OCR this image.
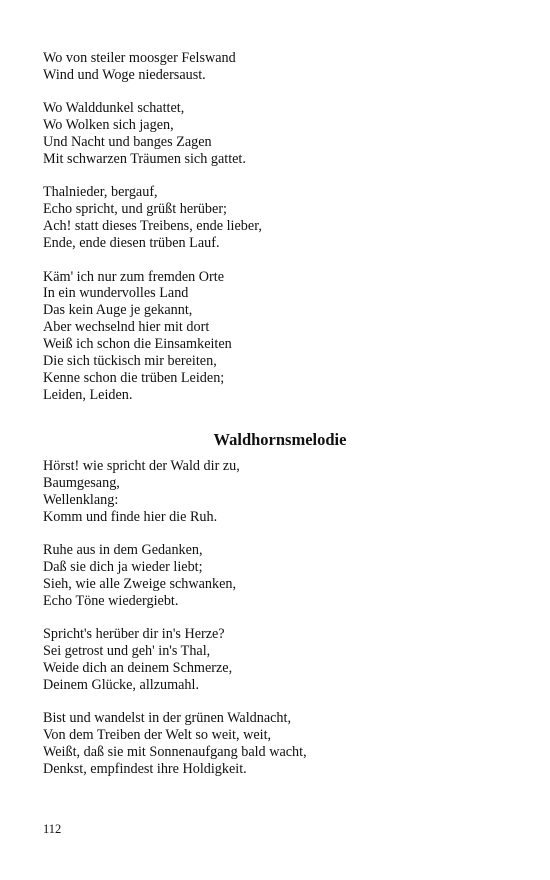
Wo von steiler moosger Felswand
Wind und Woge niedersaust.
Wo Walddunkel schattet,
Wo Wolken sich jagen,
Und Nacht und banges Zagen
Mit schwarzen Träumen sich gattet.
Thalnieder, bergauf,
Echo spricht, und grüßt herüber;
Ach! statt dieses Treibens, ende lieber,
Ende, ende diesen trüben Lauf.
Käm' ich nur zum fremden Orte
In ein wundervolles Land
Das kein Auge je gekannt,
Aber wechselnd hier mit dort
Weiß ich schon die Einsamkeiten
Die sich tückisch mir bereiten,
Kenne schon die trüben Leiden;
Leiden, Leiden.
Waldhornsmelodie
Hörst! wie spricht der Wald dir zu,
Baumgesang,
Wellenklang:
Komm und finde hier die Ruh.
Ruhe aus in dem Gedanken,
Daß sie dich ja wieder liebt;
Sieh, wie alle Zweige schwanken,
Echo Töne wiedergiebt.
Spricht's herüber dir in's Herze?
Sei getrost und geh' in's Thal,
Weide dich an deinem Schmerze,
Deinem Glücke, allzumahl.
Bist und wandelst in der grünen Waldnacht,
Von dem Treiben der Welt so weit, weit,
Weißt, daß sie mit Sonnenaufgang bald wacht,
Denkst, empfindest ihre Holdigkeit.
112
